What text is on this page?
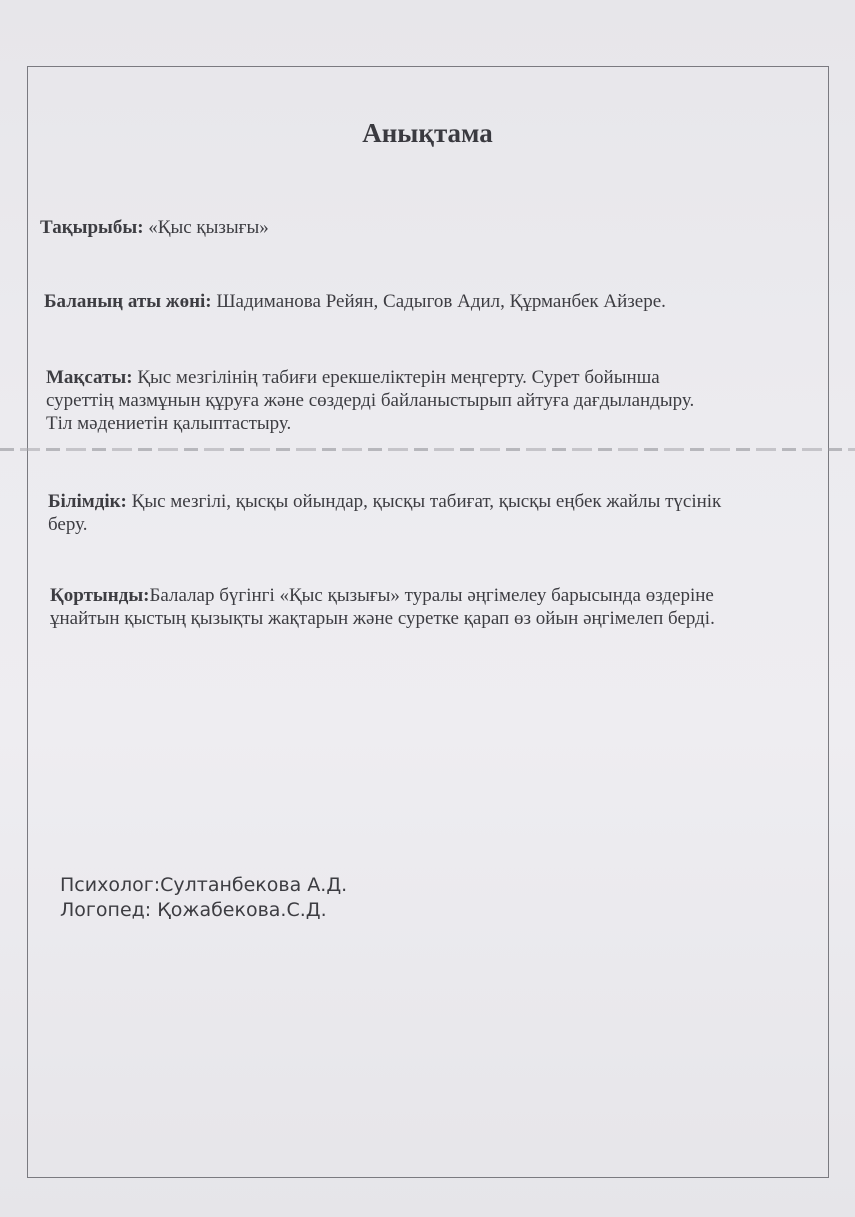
Анықтама
Тақырыбы: «Қыс қызығы»
Баланың аты жөні: Шадиманова Рейян, Садыгов Адил, Құрманбек Айзере.
Мақсаты: Қыс мезгілінің табиғи ерекшеліктерін меңгерту. Сурет бойынша
суреттің мазмұнын құруға және сөздерді байланыстырып айтуға дағдыландыру.
Тіл мәдениетін қалыптастыру.
Білімдік: Қыс мезгілі, қысқы ойындар, қысқы табиғат, қысқы еңбек жайлы түсінік
беру.
Қортынды:Балалар бүгінгі «Қыс қызығы» туралы әңгімелеу барысында өздеріне
ұнайтын қыстың қызықты жақтарын және суретке қарап өз ойын әңгімелеп берді.
Психолог:Султанбекова А.Д.
Логопед: Қожабекова.С.Д.
